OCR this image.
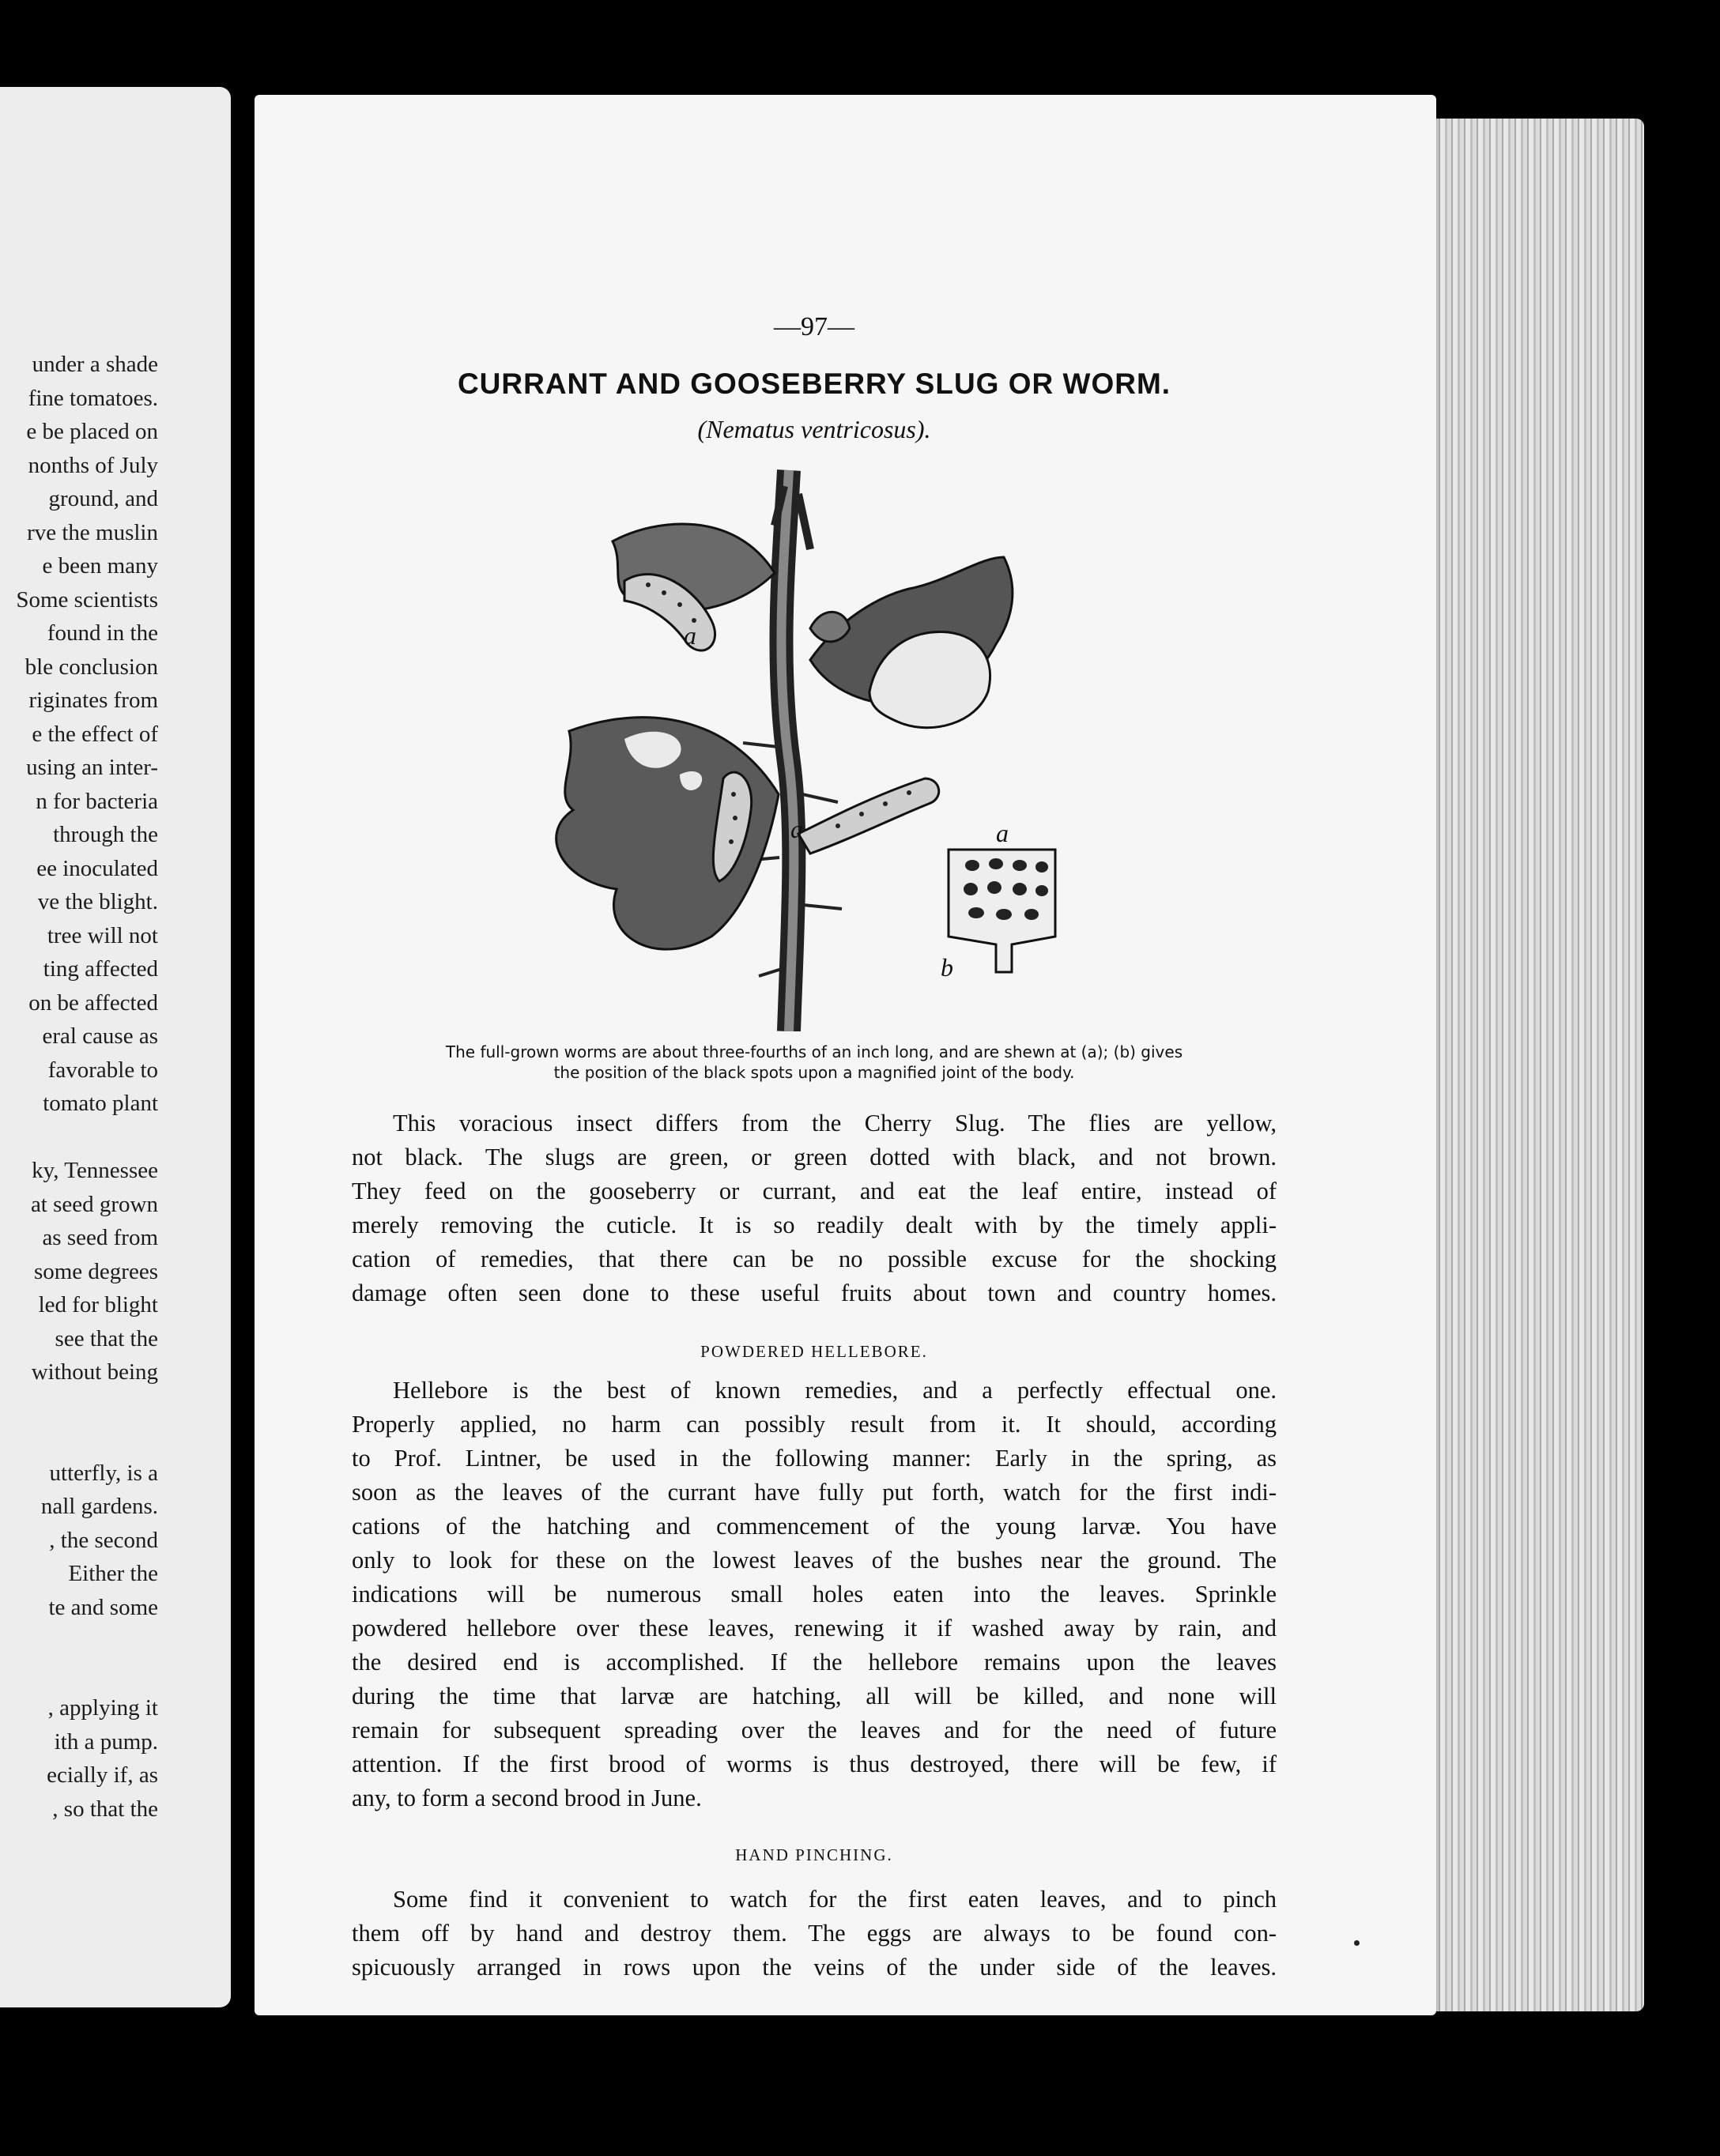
under a shade
fine tomatoes.
e be placed on
nonths of July
ground, and
rve the muslin
e been many
Some scientists
found in the
ble conclusion
riginates from
e the effect of
using an inter-
n for bacteria
through the
ee inoculated
ve the blight.
tree will not
ting affected
on be affected
eral cause as
favorable to
tomato plant
ky, Tennessee
at seed grown
as seed from
some degrees
led for blight
see that the
without being
utterfly, is a
nall gardens.
, the second
Either the
te and some
, applying it
ith a pump.
ecially if, as
, so that the
—97—
CURRANT AND GOOSEBERRY SLUG OR WORM.
(Nematus ventricosus).
a
a	a
b
The full-grown worms are about three-fourths of an inch long, and are shewn at (a); (b) gives
the position of the black spots upon a magnified joint of the body.
This voracious insect differs from the Cherry Slug. The flies are yellow,
not black. The slugs are green, or green dotted with black, and not brown.
They feed on the gooseberry or currant, and eat the leaf entire, instead of
merely removing the cuticle. It is so readily dealt with by the timely appli-
cation of remedies, that there can be no possible excuse for the shocking
damage often seen done to these useful fruits about town and country homes.
POWDERED HELLEBORE.
Hellebore is the best of known remedies, and a perfectly effectual one.
Properly applied, no harm can possibly result from it. It should, according
to Prof. Lintner, be used in the following manner: Early in the spring, as
soon as the leaves of the currant have fully put forth, watch for the first indi-
cations of the hatching and commencement of the young larvæ. You have
only to look for these on the lowest leaves of the bushes near the ground. The
indications will be numerous small holes eaten into the leaves. Sprinkle
powdered hellebore over these leaves, renewing it if washed away by rain, and
the desired end is accomplished. If the hellebore remains upon the leaves
during the time that larvæ are hatching, all will be killed, and none will
remain for subsequent spreading over the leaves and for the need of future
attention. If the first brood of worms is thus destroyed, there will be few, if
any, to form a second brood in June.
HAND PINCHING.
Some find it convenient to watch for the first eaten leaves, and to pinch
them off by hand and destroy them. The eggs are always to be found con-
spicuously arranged in rows upon the veins of the under side of the leaves.
